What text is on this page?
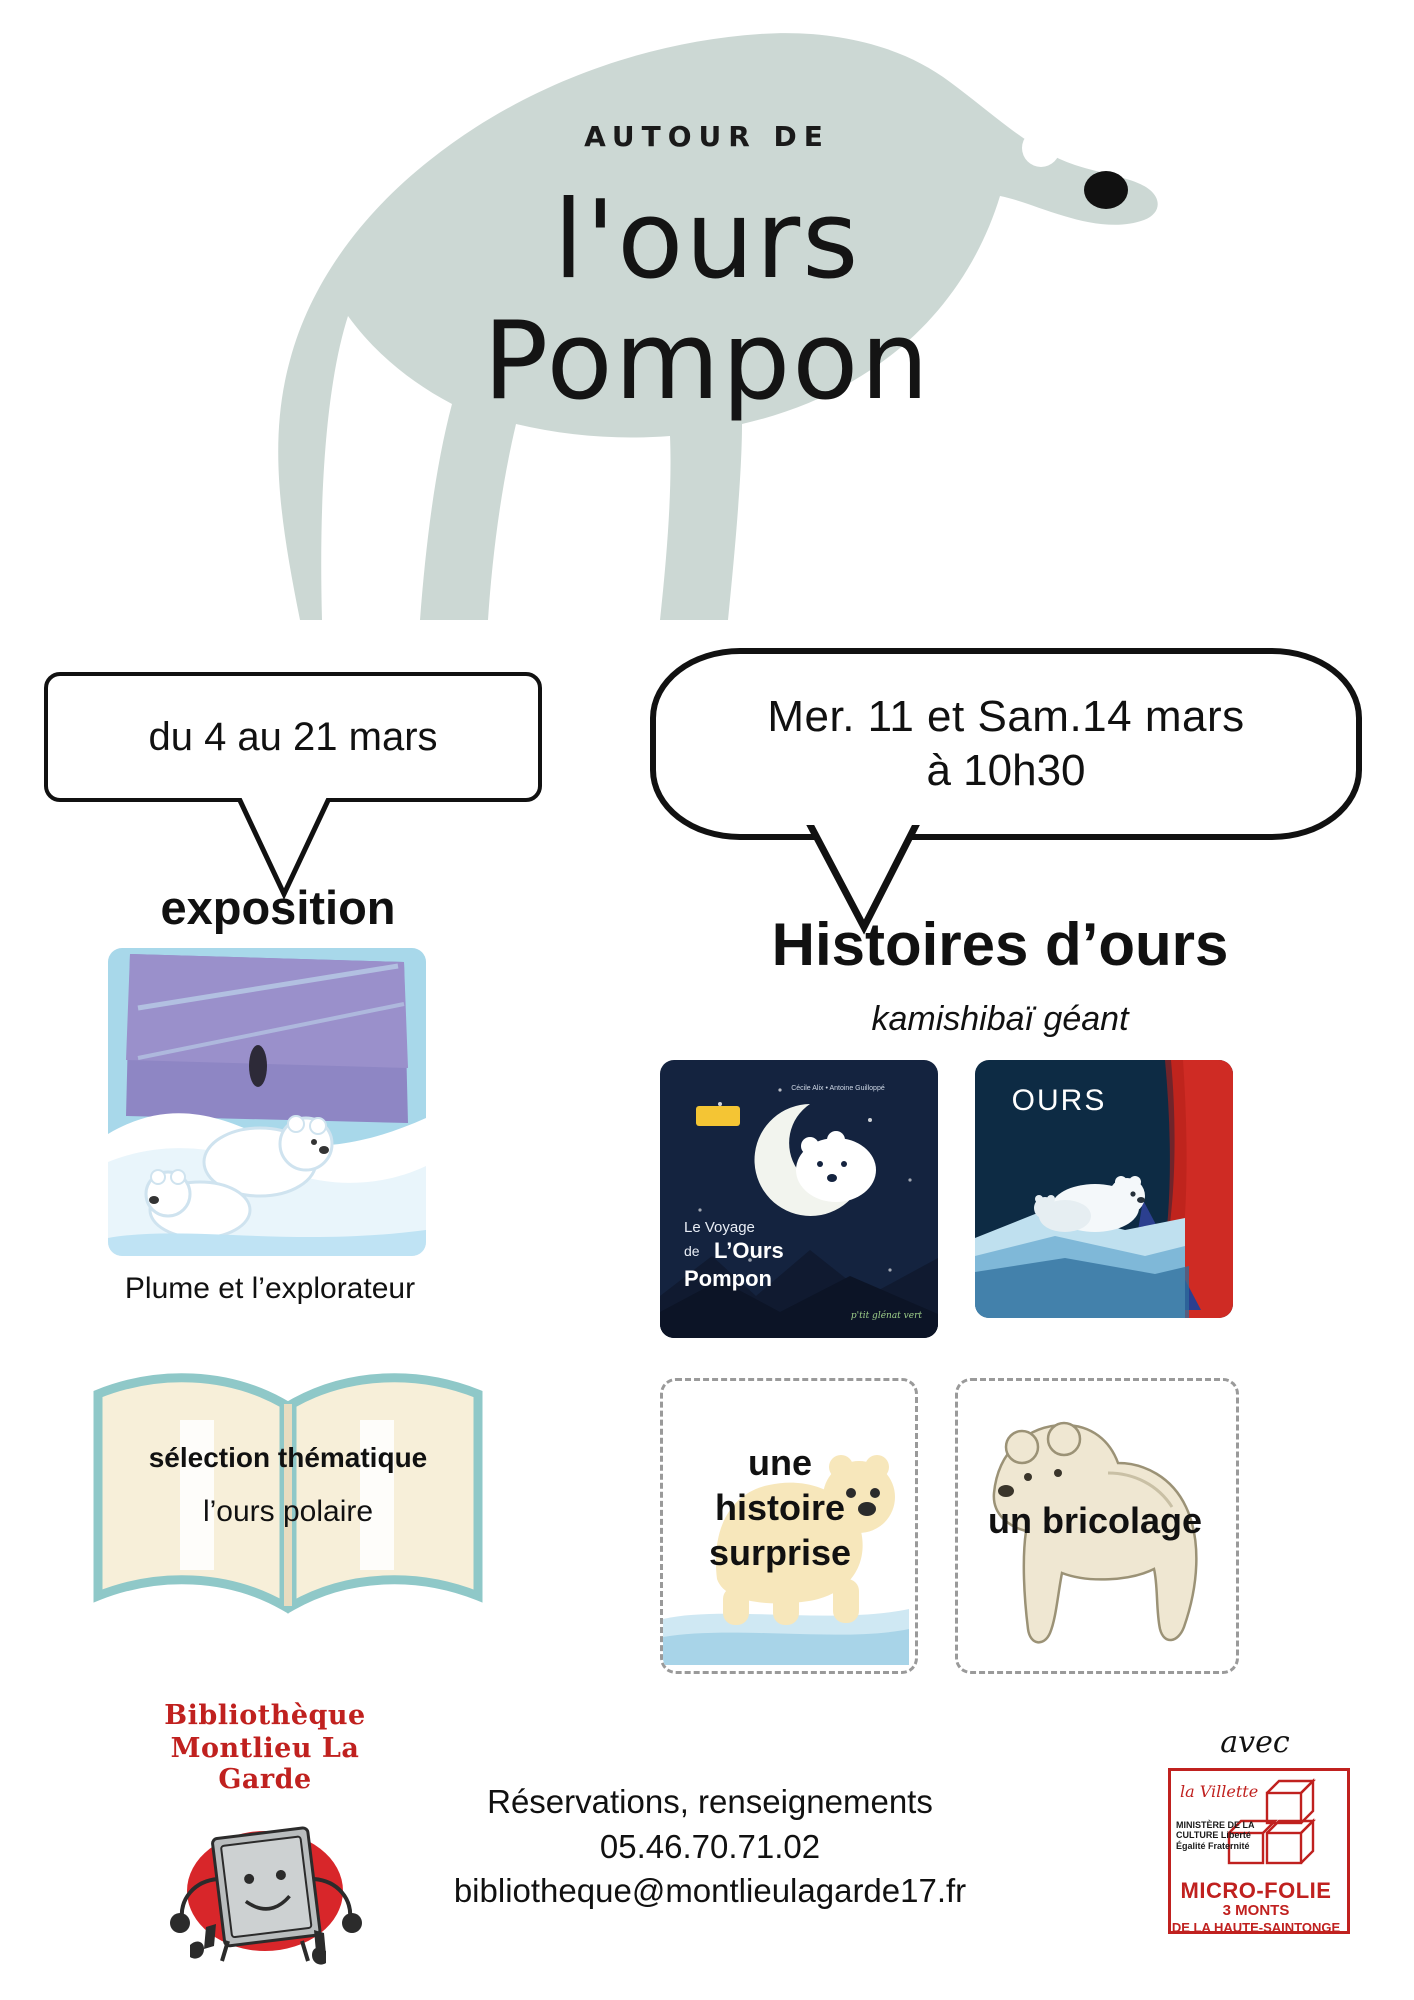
AUTOUR DE
l'ours
Pompon
du 4 au 21 mars	Mer. 11 et Sam.14 mars
à 10h30
exposition
Plume et l’explorateur
sélection thématique
l’ours polaire
Histoires d’ours
kamishibaï géant
Cécile Alix • Antoine Guilloppé
Le Voyage
de L’Ours
Pompon
p'tit glénat vert
OURS
une histoire surprise
un bricolage
Bibliothèque
Montlieu La Garde
Réservations, renseignements
05.46.70.71.02
bibliotheque@montlieulagarde17.fr
avec
la Villette
MINISTÈRE DE LA CULTURE Liberté Égalité Fraternité
MICRO-FOLIE
3 MONTS
DE LA HAUTE-SAINTONGE
